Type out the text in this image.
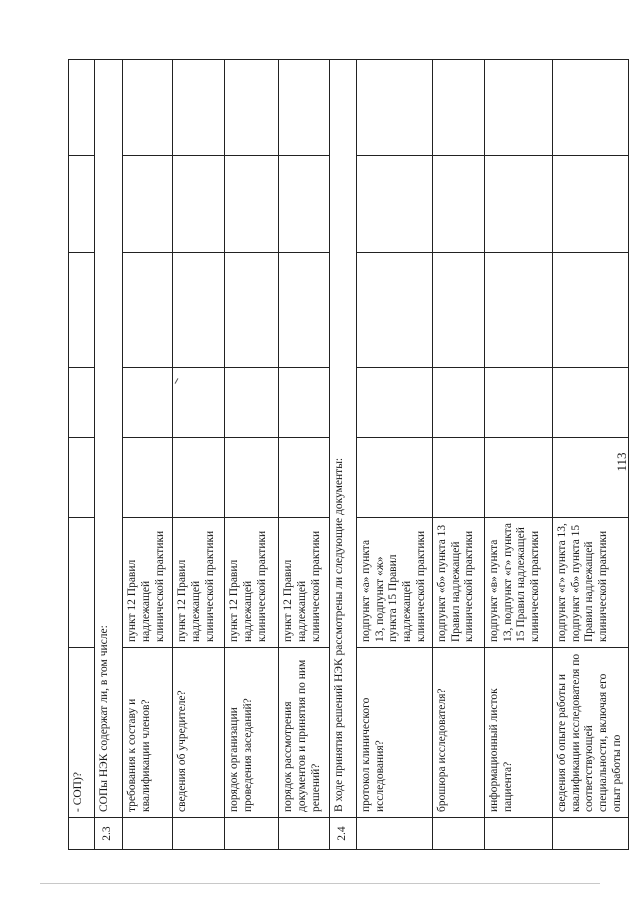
113
	- СОП)?						
2.3	СОПы НЭК содержат ли, в том числе:						
	требования к составу и квалификации членов?	пункт 12 Правил надлежащей клинической практики					
	сведения об учредителе?	пункт 12 Правил надлежащей клинической практики					
	порядок организации проведения заседаний?	пункт 12 Правил надлежащей клинической практики					
	порядок рассмотрения документов и принятия по ним решений?	пункт 12 Правил надлежащей клинической практики					
2.4	В ходе принятия решений НЭК рассмотрены ли следующие документы:						
	протокол клинического исследования?	подпункт «а» пункта 13, подпункт «ж» пункта 15 Правил надлежащей клинической практики					
	брошюра исследователя?	подпункт «б» пункта 13 Правил надлежащей клинической практики					
	информационный листок пациента?	подпункт «в» пункта 13, подпункт «г» пункта 15 Правил надлежащей клинической практики					
	сведения об опыте работы и квалификации исследователя по соответствующей специальности, включая его опыт работы по	подпункт «г» пункта 13, подпункт «б» пункта 15 Правил надлежащей клинической практики					
